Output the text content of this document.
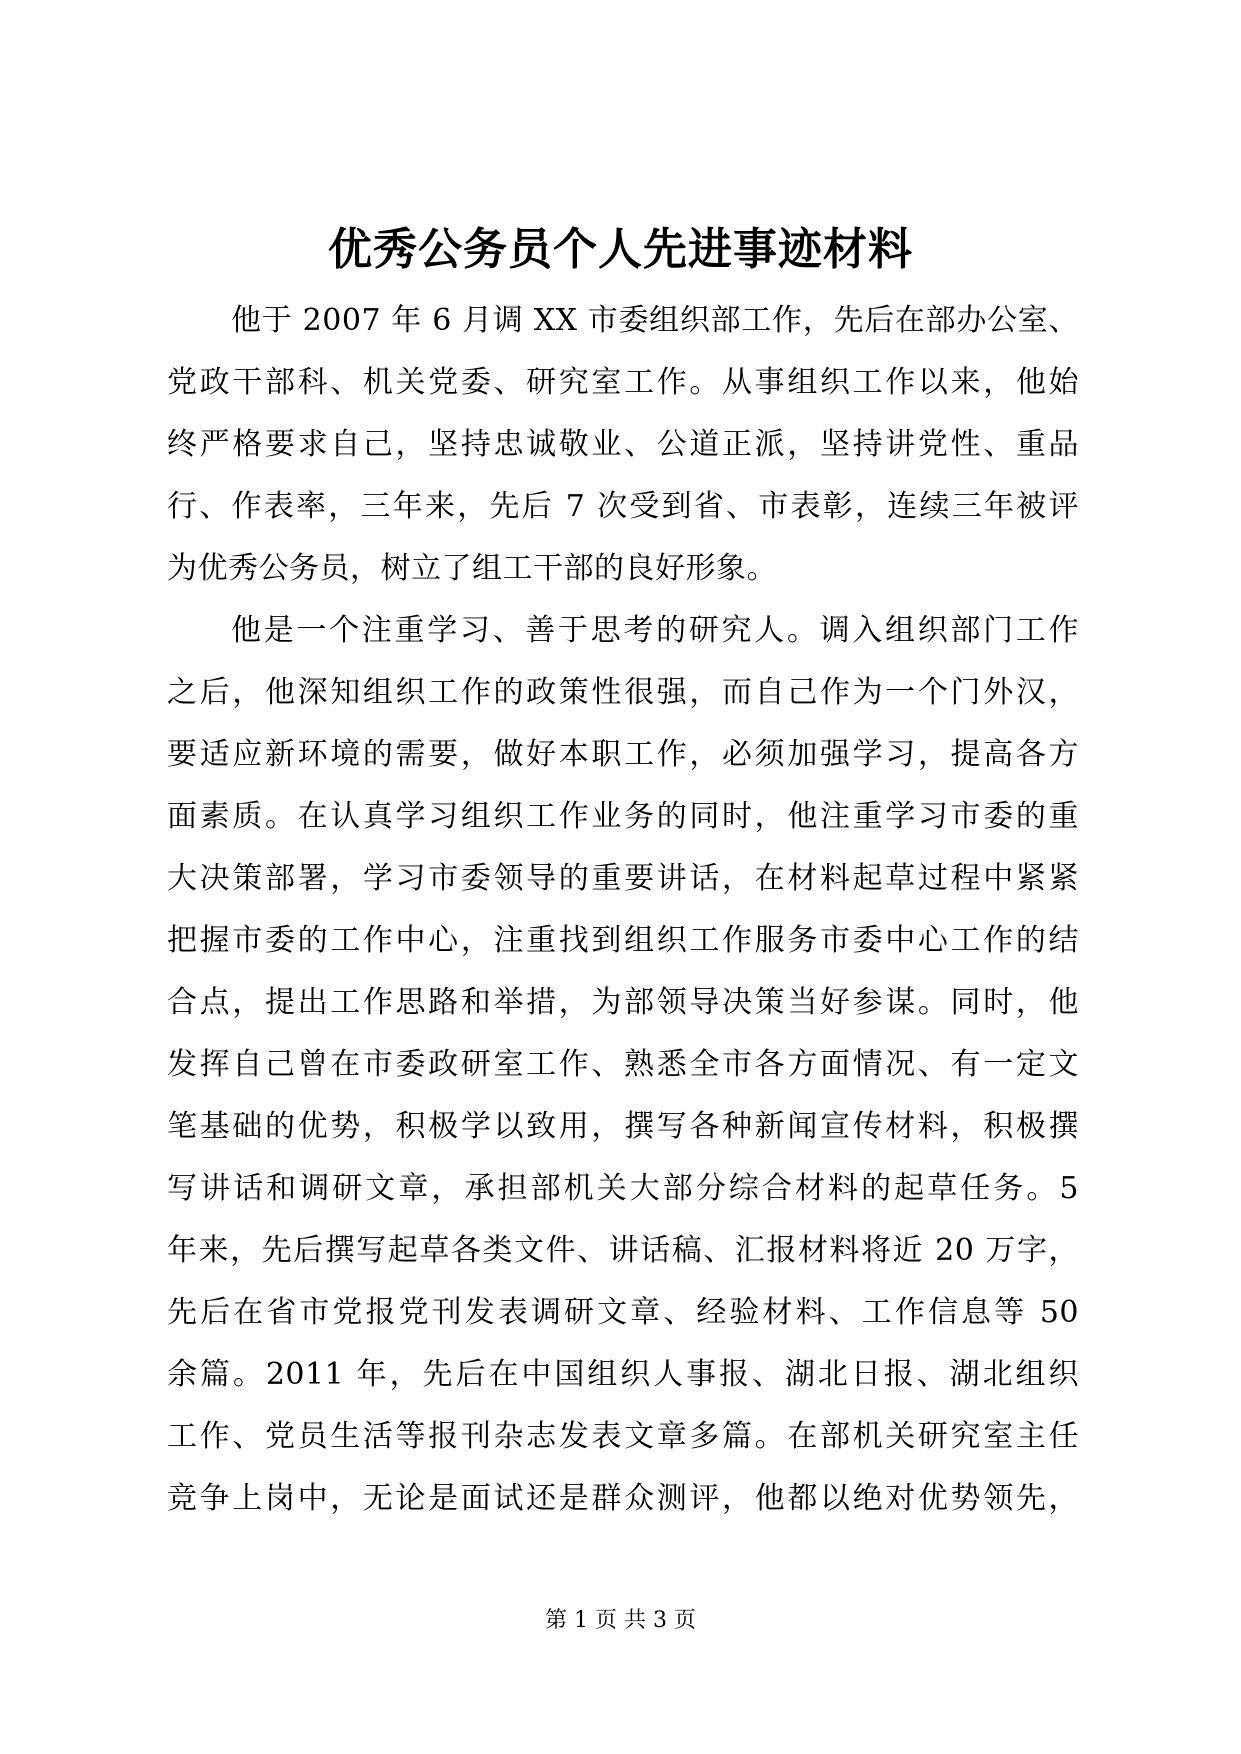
优秀公务员个人先进事迹材料
他于 2007 年 6 月调 XX 市委组织部工作，先后在部办公室、
党政干部科、机关党委、研究室工作。从事组织工作以来，他始
终严格要求自己，坚持忠诚敬业、公道正派，坚持讲党性、重品
行、作表率，三年来，先后 7 次受到省、市表彰，连续三年被评
为优秀公务员，树立了组工干部的良好形象。
他是一个注重学习、善于思考的研究人。调入组织部门工作
之后，他深知组织工作的政策性很强，而自己作为一个门外汉，
要适应新环境的需要，做好本职工作，必须加强学习，提高各方
面素质。在认真学习组织工作业务的同时，他注重学习市委的重
大决策部署，学习市委领导的重要讲话，在材料起草过程中紧紧
把握市委的工作中心，注重找到组织工作服务市委中心工作的结
合点，提出工作思路和举措，为部领导决策当好参谋。同时，他
发挥自己曾在市委政研室工作、熟悉全市各方面情况、有一定文
笔基础的优势，积极学以致用，撰写各种新闻宣传材料，积极撰
写讲话和调研文章，承担部机关大部分综合材料的起草任务。5
年来，先后撰写起草各类文件、讲话稿、汇报材料将近 20 万字，
先后在省市党报党刊发表调研文章、经验材料、工作信息等 50
余篇。2011 年，先后在中国组织人事报、湖北日报、湖北组织
工作、党员生活等报刊杂志发表文章多篇。在部机关研究室主任
竞争上岗中，无论是面试还是群众测评，他都以绝对优势领先，
第 1 页 共 3 页
